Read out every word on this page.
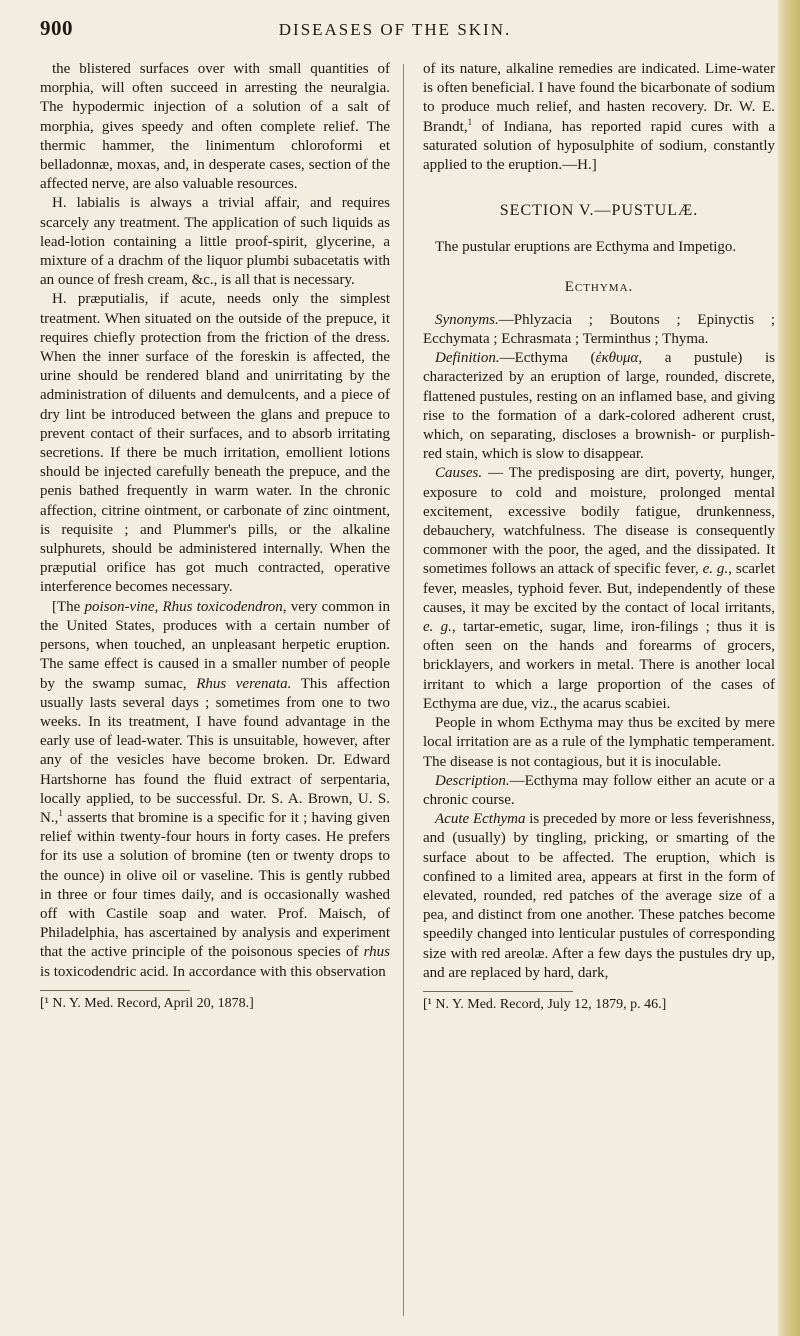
900	DISEASES OF THE SKIN.

the blistered surfaces over with small quantities of morphia, will often succeed in arresting the neuralgia. The hypodermic injection of a solution of a salt of morphia, gives speedy and often complete relief. The thermic hammer, the linimentum chloroformi et belladonnæ, moxas, and, in desperate cases, section of the affected nerve, are also valuable resources.

H. labialis is always a trivial affair, and requires scarcely any treatment. The application of such liquids as lead-lotion containing a little proof-spirit, glycerine, a mixture of a drachm of the liquor plumbi subacetatis with an ounce of fresh cream, &c., is all that is necessary.

H. præputialis, if acute, needs only the simplest treatment. When situated on the outside of the prepuce, it requires chiefly protection from the friction of the dress. When the inner surface of the foreskin is affected, the urine should be rendered bland and unirritating by the administration of diluents and demulcents, and a piece of dry lint be introduced between the glans and prepuce to prevent contact of their surfaces, and to absorb irritating secretions. If there be much irritation, emollient lotions should be injected carefully beneath the prepuce, and the penis bathed frequently in warm water. In the chronic affection, citrine ointment, or carbonate of zinc ointment, is requisite ; and Plummer's pills, or the alkaline sulphurets, should be administered internally. When the præputial orifice has got much contracted, operative interference becomes necessary.

[The poison-vine, Rhus toxicodendron, very common in the United States, produces with a certain number of persons, when touched, an unpleasant herpetic eruption. The same effect is caused in a smaller number of people by the swamp sumac, Rhus verenata. This affection usually lasts several days ; sometimes from one to two weeks. In its treatment, I have found advantage in the early use of lead-water. This is unsuitable, however, after any of the vesicles have become broken. Dr. Edward Hartshorne has found the fluid extract of serpentaria, locally applied, to be successful. Dr. S. A. Brown, U. S. N.,$^1$ asserts that bromine is a specific for it ; having given relief within twenty-four hours in forty cases. He prefers for its use a solution of bromine (ten or twenty drops to the ounce) in olive oil or vaseline. This is gently rubbed in three or four times daily, and is occasionally washed off with Castile soap and water. Prof. Maisch, of Philadelphia, has ascertained by analysis and experiment that the active principle of the poisonous species of rhus is toxicodendric acid. In accordance with this observation

[¹ N. Y. Med. Record, April 20, 1878.]

of its nature, alkaline remedies are indicated. Lime-water is often beneficial. I have found the bicarbonate of sodium to produce much relief, and hasten recovery. Dr. W. E. Brandt,$^1$ of Indiana, has reported rapid cures with a saturated solution of hyposulphite of sodium, constantly applied to the eruption.—H.]

SECTION V.—PUSTULÆ.

The pustular eruptions are Ecthyma and Impetigo.

Ecthyma.

Synonyms.—Phlyzacia ; Boutons ; Epinyctis ; Ecchymata ; Echrasmata ; Terminthus ; Thyma.

Definition.—Ecthyma (ἐκθυμα, a pustule) is characterized by an eruption of large, rounded, discrete, flattened pustules, resting on an inflamed base, and giving rise to the formation of a dark-colored adherent crust, which, on separating, discloses a brownish- or purplish-red stain, which is slow to disappear.

Causes. — The predisposing are dirt, poverty, hunger, exposure to cold and moisture, prolonged mental excitement, excessive bodily fatigue, drunkenness, debauchery, watchfulness. The disease is consequently commoner with the poor, the aged, and the dissipated. It sometimes follows an attack of specific fever, e. g., scarlet fever, measles, typhoid fever. But, independently of these causes, it may be excited by the contact of local irritants, e. g., tartar-emetic, sugar, lime, iron-filings ; thus it is often seen on the hands and forearms of grocers, bricklayers, and workers in metal. There is another local irritant to which a large proportion of the cases of Ecthyma are due, viz., the acarus scabiei.

People in whom Ecthyma may thus be excited by mere local irritation are as a rule of the lymphatic temperament. The disease is not contagious, but it is inoculable.

Description.—Ecthyma may follow either an acute or a chronic course.

Acute Ecthyma is preceded by more or less feverishness, and (usually) by tingling, pricking, or smarting of the surface about to be affected. The eruption, which is confined to a limited area, appears at first in the form of elevated, rounded, red patches of the average size of a pea, and distinct from one another. These patches become speedily changed into lenticular pustules of corresponding size with red areolæ. After a few days the pustules dry up, and are replaced by hard, dark,

[¹ N. Y. Med. Record, July 12, 1879, p. 46.]
